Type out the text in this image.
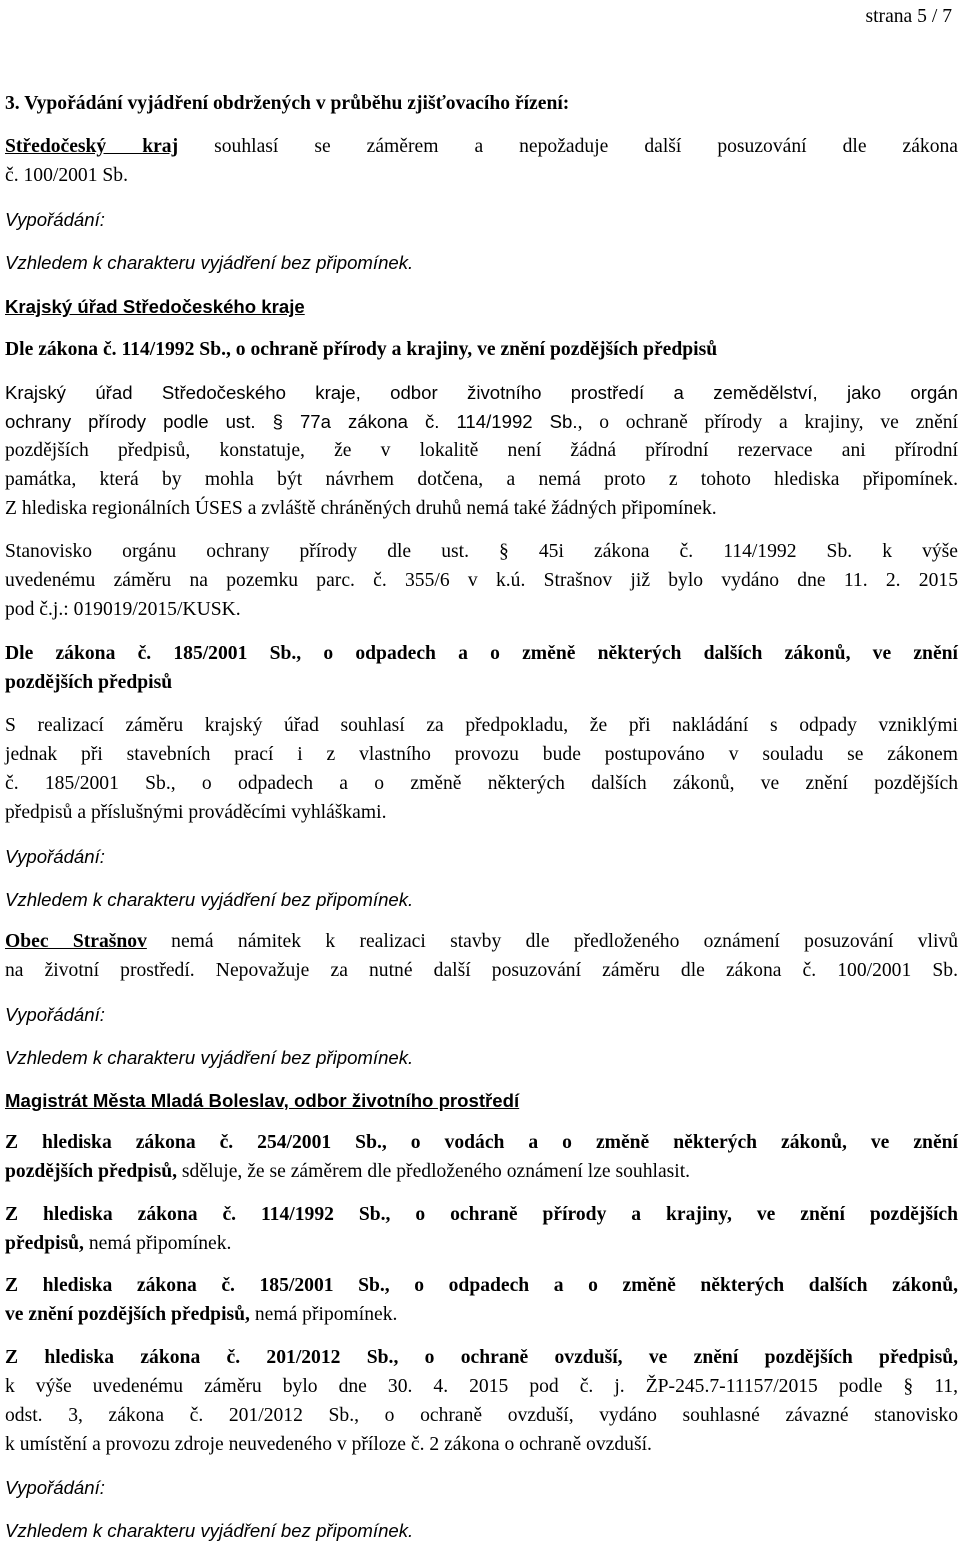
strana 5 / 7
3. Vypořádání vyjádření obdržených v průběhu zjišťovacího řízení:
Středočeský kraj souhlasí se záměrem a nepožaduje další posuzování dle zákona
č. 100/2001 Sb.
Vypořádání:
Vzhledem k charakteru vyjádření bez připomínek.
Krajský úřad Středočeského kraje
Dle zákona č. 114/1992 Sb., o ochraně přírody a krajiny, ve znění pozdějších předpisů
Krajský úřad Středočeského kraje, odbor životního prostředí a zemědělství, jako orgán
ochrany přírody podle ust. § 77a zákona č. 114/1992 Sb., o ochraně přírody a krajiny, ve znění
pozdějších předpisů, konstatuje, že v lokalitě není žádná přírodní rezervace ani přírodní
památka, která by mohla být návrhem dotčena, a nemá proto z tohoto hlediska připomínek.
Z hlediska regionálních ÚSES a zvláště chráněných druhů nemá také žádných připomínek.
Stanovisko orgánu ochrany přírody dle ust. § 45i zákona č. 114/1992 Sb. k výše
uvedenému záměru na pozemku parc. č. 355/6 v k.ú. Strašnov již bylo vydáno dne 11. 2. 2015
pod č.j.: 019019/2015/KUSK.
Dle zákona č. 185/2001 Sb., o odpadech a o změně některých dalších zákonů, ve znění
pozdějších předpisů
S realizací záměru krajský úřad souhlasí za předpokladu, že při nakládání s odpady vzniklými
jednak při stavebních prací i z vlastního provozu bude postupováno v souladu se zákonem
č. 185/2001 Sb., o odpadech a o změně některých dalších zákonů, ve znění pozdějších
předpisů a příslušnými prováděcími vyhláškami.
Vypořádání:
Vzhledem k charakteru vyjádření bez připomínek.
Obec Strašnov nemá námitek k realizaci stavby dle předloženého oznámení posuzování vlivů
na životní prostředí. Nepovažuje za nutné další posuzování záměru dle zákona č. 100/2001 Sb.
Vypořádání:
Vzhledem k charakteru vyjádření bez připomínek.
Magistrát Města Mladá Boleslav, odbor životního prostředí
Z hlediska zákona č. 254/2001 Sb., o vodách a o změně některých zákonů, ve znění
pozdějších předpisů, sděluje, že se záměrem dle předloženého oznámení lze souhlasit.
Z hlediska zákona č. 114/1992 Sb., o ochraně přírody a krajiny, ve znění pozdějších
předpisů, nemá připomínek.
Z hlediska zákona č. 185/2001 Sb., o odpadech a o změně některých dalších zákonů,
ve znění pozdějších předpisů, nemá připomínek.
Z hlediska zákona č. 201/2012 Sb., o ochraně ovzduší, ve znění pozdějších předpisů,
k výše uvedenému záměru bylo dne 30. 4. 2015 pod č. j. ŽP-245.7-11157/2015 podle § 11,
odst. 3, zákona č. 201/2012 Sb., o ochraně ovzduší, vydáno souhlasné závazné stanovisko
k umístění a provozu zdroje neuvedeného v příloze č. 2 zákona o ochraně ovzduší.
Vypořádání:
Vzhledem k charakteru vyjádření bez připomínek.
